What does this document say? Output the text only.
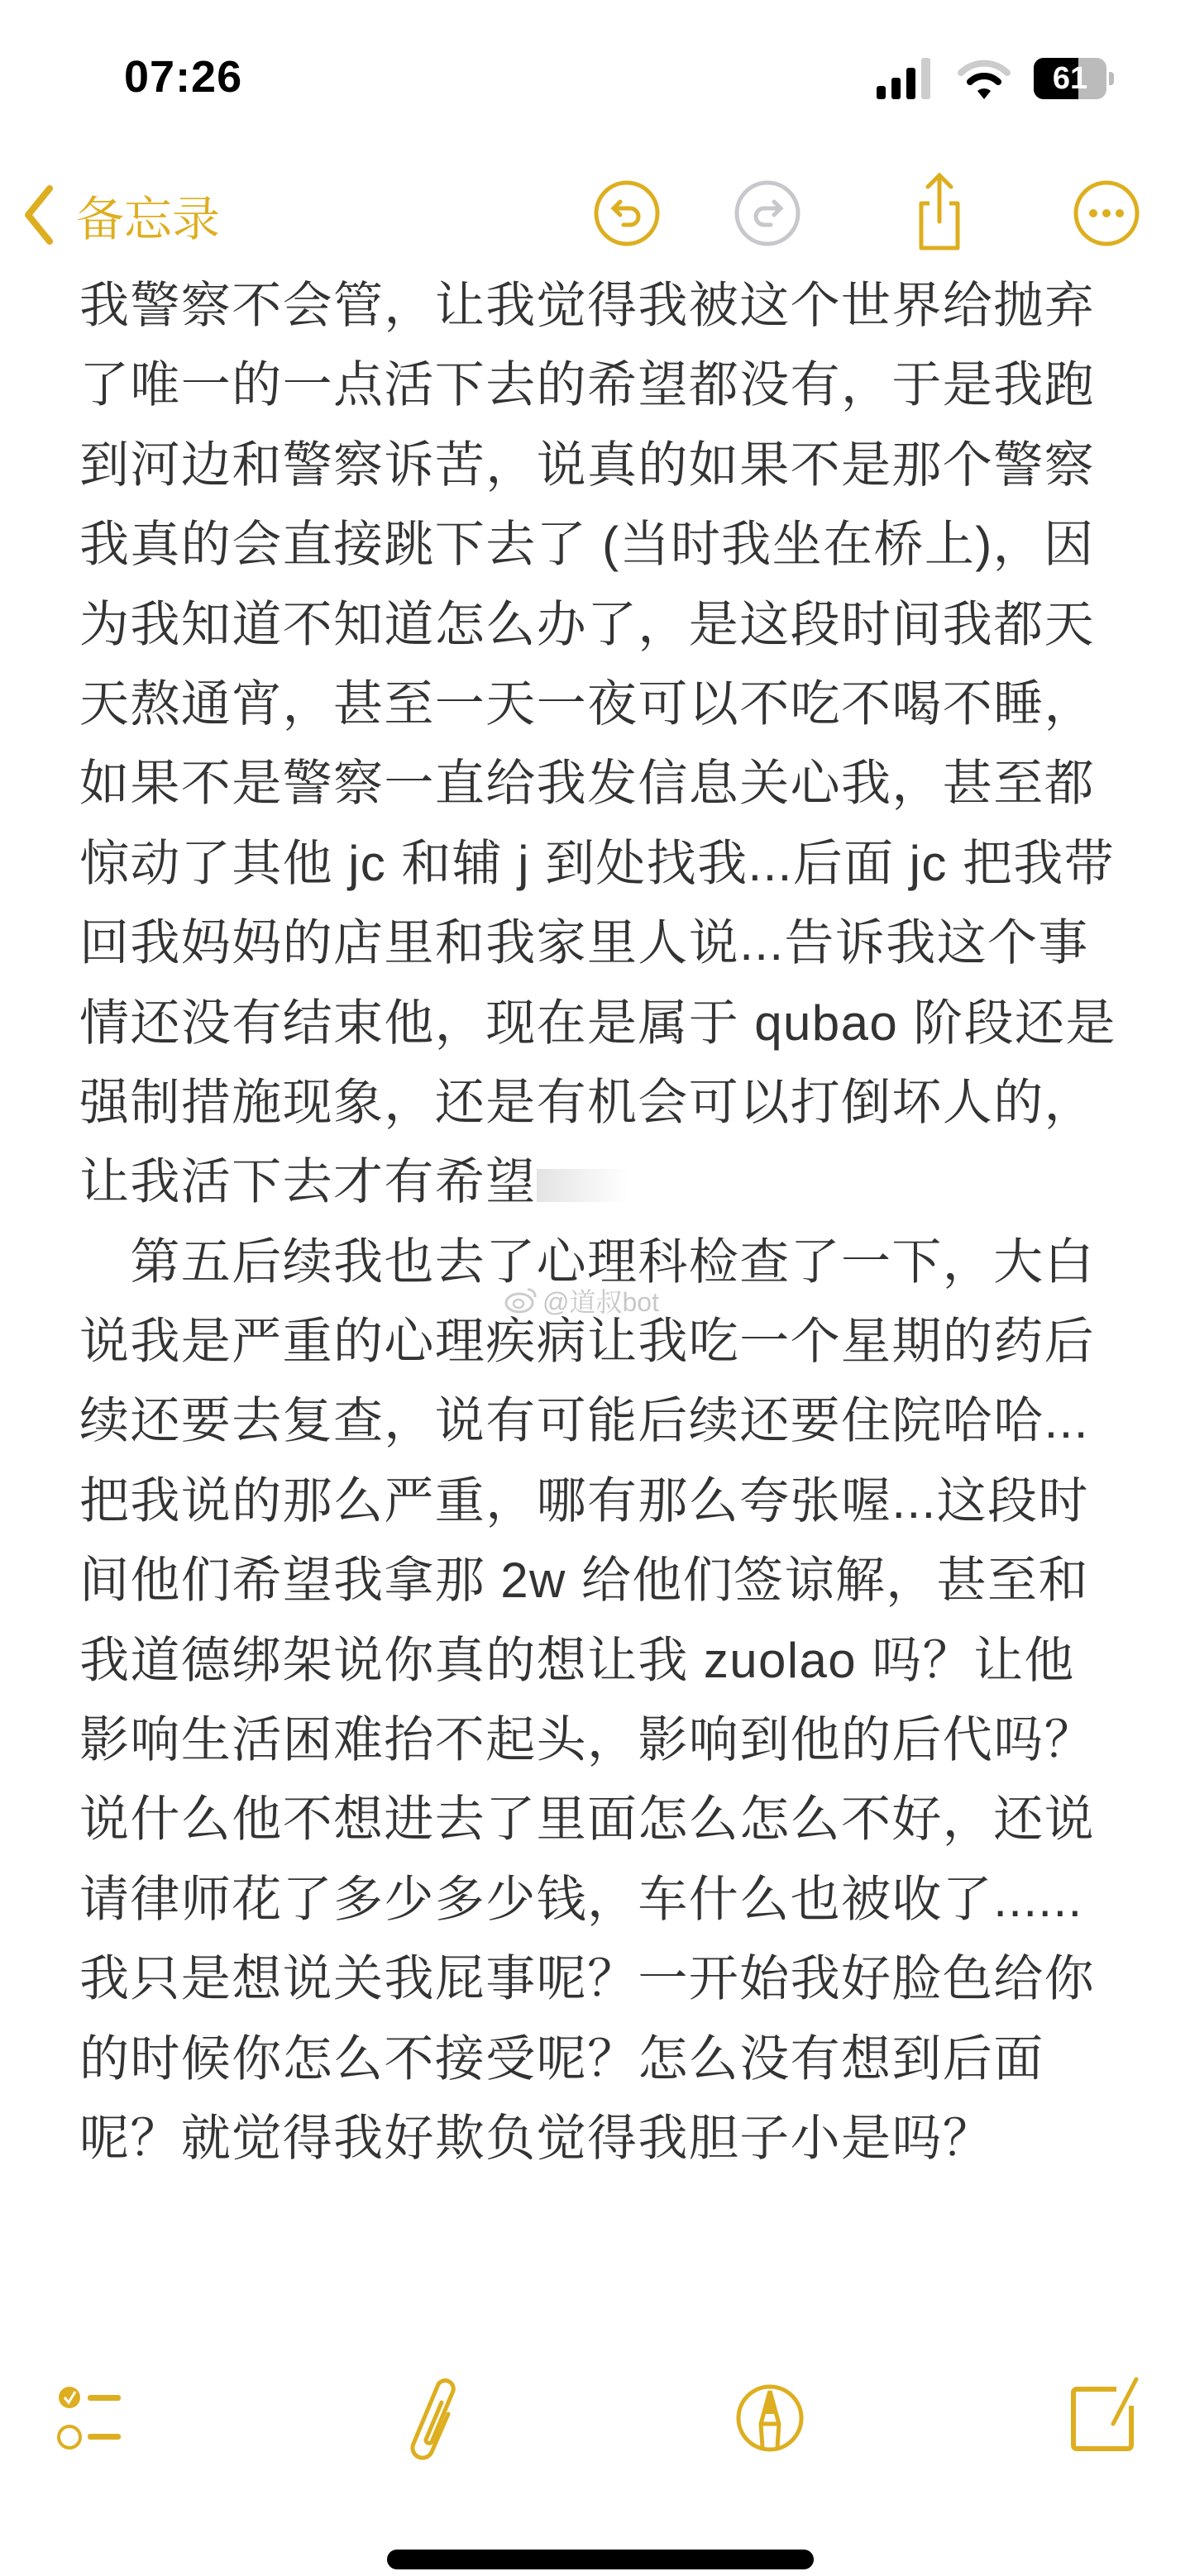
07:26	61
备忘录
我警察不会管，让我觉得我被这个世界给抛弃
了唯一的一点活下去的希望都没有，于是我跑
到河边和警察诉苦，说真的如果不是那个警察
我真的会直接跳下去了 (当时我坐在桥上)，因
为我知道不知道怎么办了，是这段时间我都天
天熬通宵，甚至一天一夜可以不吃不喝不睡，
如果不是警察一直给我发信息关心我，甚至都
惊动了其他 jc 和辅 j 到处找我...后面 jc 把我带
回我妈妈的店里和我家里人说...告诉我这个事
情还没有结束他，现在是属于 qubao 阶段还是
强制措施现象，还是有机会可以打倒坏人的，
让我活下去才有希望
　第五后续我也去了心理科检查了一下，大白
说我是严重的心理疾病让我吃一个星期的药后
续还要去复查，说有可能后续还要住院哈哈...
把我说的那么严重，哪有那么夸张喔...这段时
间他们希望我拿那 2w 给他们签谅解，甚至和
我道德绑架说你真的想让我 zuolao 吗？让他
影响生活困难抬不起头，影响到他的后代吗？
说什么他不想进去了里面怎么怎么不好，还说
请律师花了多少多少钱，车什么也被收了......
我只是想说关我屁事呢？一开始我好脸色给你
的时候你怎么不接受呢？怎么没有想到后面
呢？就觉得我好欺负觉得我胆子小是吗？
@道叔bot
